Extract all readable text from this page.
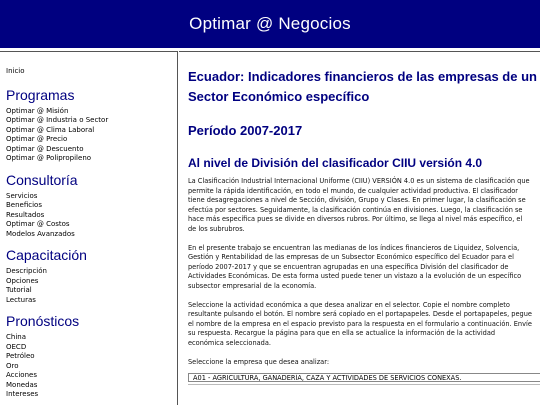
Optimar @ Negocios
Inicio
Programas
Optimar @ Misión
Optimar @ Industria o Sector
Optimar @ Clima Laboral
Optimar @ Precio
Optimar @ Descuento
Optimar @ Polipropileno
Consultoría
Servicios
Beneficios
Resultados
Optimar @ Costos
Modelos Avanzados
Capacitación
Descripción
Opciones
Tutorial
Lecturas
Pronósticos
China
OECD
Petróleo
Oro
Acciones
Monedas
Intereses
Ecuador: Indicadores financieros de las empresas de un Sector Económico específico
Período 2007-2017
Al nivel de División del clasificador CIIU versión 4.0

La Clasificación Industrial Internacional Uniforme (CIIU) VERSIÓN 4.0 es un sistema de clasificación que permite la rápida identificación, en todo el mundo, de cualquier actividad productiva. El clasificador tiene desagregaciones a nivel de Sección, división, Grupo y Clases. En primer lugar, la clasificación se efectúa por sectores. Seguidamente, la clasificación continúa en divisiones. Luego, la clasificación se hace más específica pues se divide en diversos rubros. Por último, se llega al nivel más específico, el de los subrubros.

En el presente trabajo se encuentran las medianas de los índices financieros de Liquidez, Solvencia, Gestión y Rentabilidad de las empresas de un Subsector Económico específico del Ecuador para el período 2007-2017 y que se encuentran agrupadas en una específica División del clasificador de Actividades Económicas. De esta forma usted puede tener un vistazo a la evolución de un específico subsector empresarial de la economía.

Seleccione la actividad económica a que desea analizar en el selector. Copie el nombre completo resultante pulsando el botón. El nombre será copiado en el portapapeles. Desde el portapapeles, pegue el nombre de la empresa en el espacio previsto para la respuesta en el formulario a continuación. Envíe su respuesta. Recargue la página para que en ella se actualice la información de la actividad económica seleccionada.

Seleccione la empresa que desea analizar:

A01 - AGRICULTURA, GANADERÍA, CAZA Y ACTIVIDADES DE SERVICIOS CONEXAS.
